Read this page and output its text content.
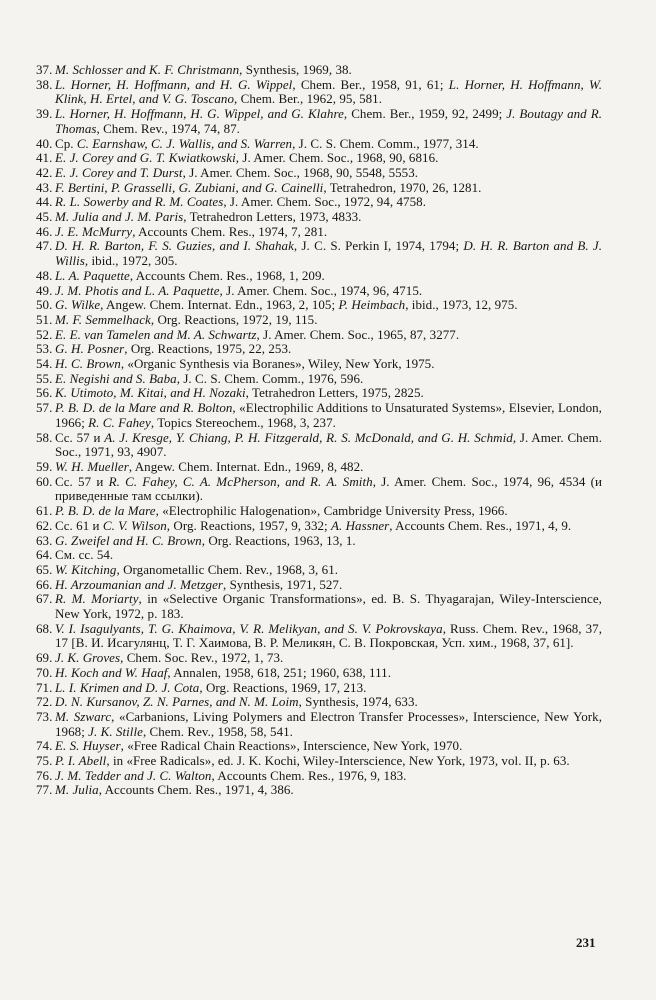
37. M. Schlosser and K. F. Christmann, Synthesis, 1969, 38.
38. L. Horner, H. Hoffmann, and H. G. Wippel, Chem. Ber., 1958, 91, 61; L. Horner, H. Hoffmann, W. Klink, H. Ertel, and V. G. Toscano, Chem. Ber., 1962, 95, 581.
39. L. Horner, H. Hoffmann, H. G. Wippel, and G. Klahre, Chem. Ber., 1959, 92, 2499; J. Boutagy and R. Thomas, Chem. Rev., 1974, 74, 87.
40. Cp. C. Earnshaw, C. J. Wallis, and S. Warren, J. C. S. Chem. Comm., 1977, 314.
41. E. J. Corey and G. T. Kwiatkowski, J. Amer. Chem. Soc., 1968, 90, 6816.
42. E. J. Corey and T. Durst, J. Amer. Chem. Soc., 1968, 90, 5548, 5553.
43. F. Bertini, P. Grasselli, G. Zubiani, and G. Cainelli, Tetrahedron, 1970, 26, 1281.
44. R. L. Sowerby and R. M. Coates, J. Amer. Chem. Soc., 1972, 94, 4758.
45. M. Julia and J. M. Paris, Tetrahedron Letters, 1973, 4833.
46. J. E. McMurry, Accounts Chem. Res., 1974, 7, 281.
47. D. H. R. Barton, F. S. Guzies, and I. Shahak, J. C. S. Perkin I, 1974, 1794; D. H. R. Barton and B. J. Willis, ibid., 1972, 305.
48. L. A. Paquette, Accounts Chem. Res., 1968, 1, 209.
49. J. M. Photis and L. A. Paquette, J. Amer. Chem. Soc., 1974, 96, 4715.
50. G. Wilke, Angew. Chem. Internat. Edn., 1963, 2, 105; P. Heimbach, ibid., 1973, 12, 975.
51. M. F. Semmelhack, Org. Reactions, 1972, 19, 115.
52. E. E. van Tamelen and M. A. Schwartz, J. Amer. Chem. Soc., 1965, 87, 3277.
53. G. H. Posner, Org. Reactions, 1975, 22, 253.
54. H. C. Brown, «Organic Synthesis via Boranes», Wiley, New York, 1975.
55. E. Negishi and S. Baba, J. C. S. Chem. Comm., 1976, 596.
56. K. Utimoto, M. Kitai, and H. Nozaki, Tetrahedron Letters, 1975, 2825.
57. P. B. D. de la Mare and R. Bolton, «Electrophilic Additions to Unsaturated Systems», Elsevier, London, 1966; R. C. Fahey, Topics Stereochem., 1968, 3, 237.
58. Cc. 57 и A. J. Kresge, Y. Chiang, P. H. Fitzgerald, R. S. McDonald, and G. H. Schmid, J. Amer. Chem. Soc., 1971, 93, 4907.
59. W. H. Mueller, Angew. Chem. Internat. Edn., 1969, 8, 482.
60. Cc. 57 и R. C. Fahey, C. A. McPherson, and R. A. Smith, J. Amer. Chem. Soc., 1974, 96, 4534 (и приведенные там ссылки).
61. P. B. D. de la Mare, «Electrophilic Halogenation», Cambridge University Press, 1966.
62. Cc. 61 и C. V. Wilson, Org. Reactions, 1957, 9, 332; A. Hassner, Accounts Chem. Res., 1971, 4, 9.
63. G. Zweifel and H. C. Brown, Org. Reactions, 1963, 13, 1.
64. См. сс. 54.
65. W. Kitching, Organometallic Chem. Rev., 1968, 3, 61.
66. H. Arzoumanian and J. Metzger, Synthesis, 1971, 527.
67. R. M. Moriarty, in «Selective Organic Transformations», ed. B. S. Thyagarajan, Wiley-Interscience, New York, 1972, p. 183.
68. V. I. Isagulyants, T. G. Khaimova, V. R. Melikyan, and S. V. Pokrovskaya, Russ. Chem. Rev., 1968, 37, 17 [В. И. Исагулянц, Т. Г. Хаимова, В. Р. Меликян, С. В. Покровская, Усп. хим., 1968, 37, 61].
69. J. K. Groves, Chem. Soc. Rev., 1972, 1, 73.
70. H. Koch and W. Haaf, Annalen, 1958, 618, 251; 1960, 638, 111.
71. L. I. Krimen and D. J. Cota, Org. Reactions, 1969, 17, 213.
72. D. N. Kursanov, Z. N. Parnes, and N. M. Loim, Synthesis, 1974, 633.
73. M. Szwarc, «Carbanions, Living Polymers and Electron Transfer Processes», Interscience, New York, 1968; J. K. Stille, Chem. Rev., 1958, 58, 541.
74. E. S. Huyser, «Free Radical Chain Reactions», Interscience, New York, 1970.
75. P. I. Abell, in «Free Radicals», ed. J. K. Kochi, Wiley-Interscience, New York, 1973, vol. II, p. 63.
76. J. M. Tedder and J. C. Walton, Accounts Chem. Res., 1976, 9, 183.
77. M. Julia, Accounts Chem. Res., 1971, 4, 386.
231
